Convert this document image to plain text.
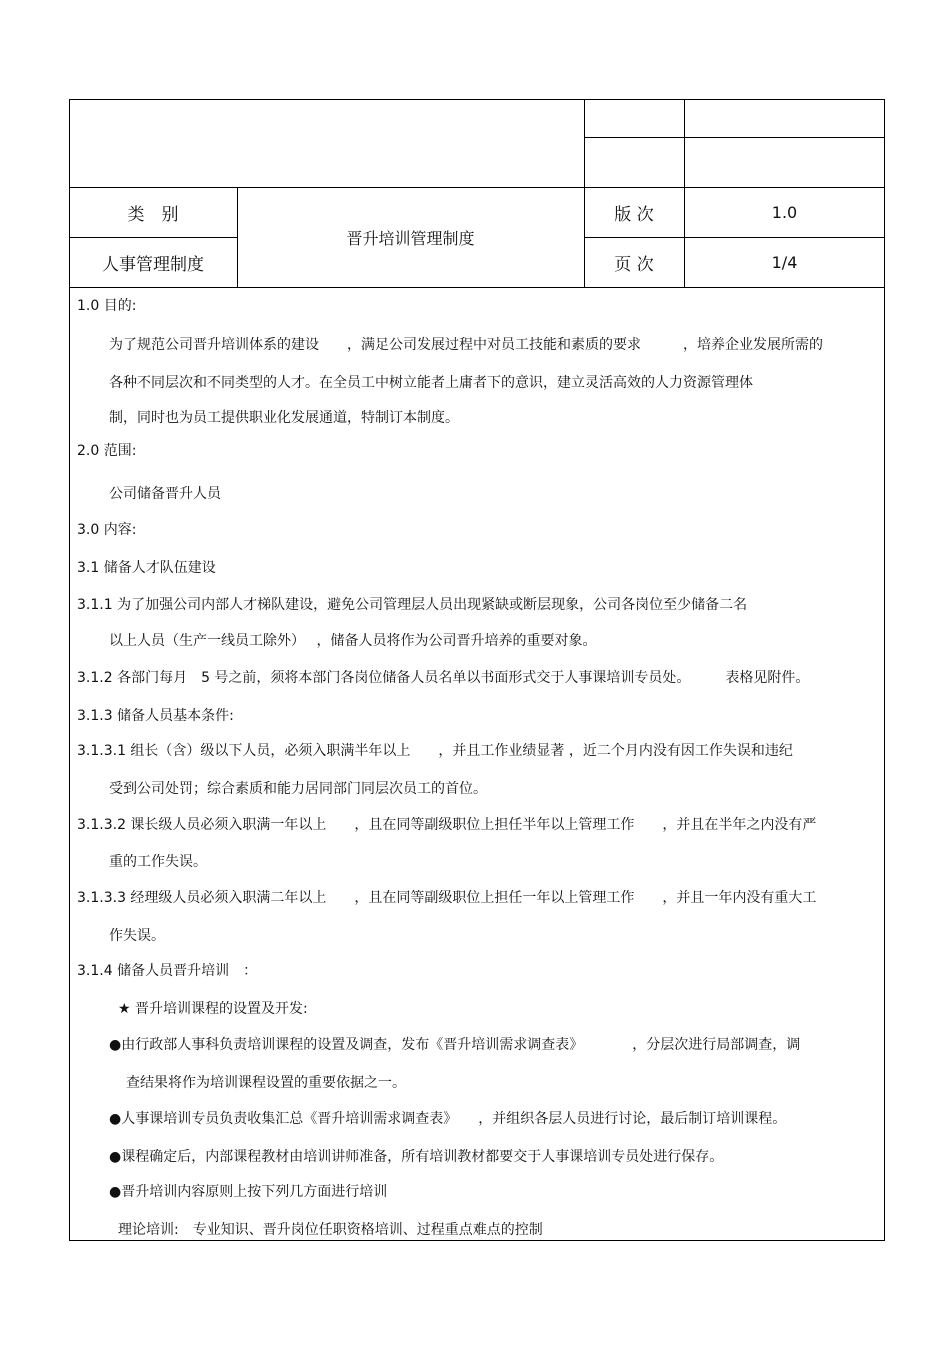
类　别
人事管理制度
晋升培训管理制度
版 次	1.0
页 次	1/4
1.0 目的:
为了规范公司晋升培训体系的建设　　，满足公司发展过程中对员工技能和素质的要求　　　，培养企业发展所需的
各种不同层次和不同类型的人才。在全员工中树立能者上庸者下的意识，建立灵活高效的人力资源管理体
制，同时也为员工提供职业化发展通道，特制订本制度。
2.0 范围:
公司储备晋升人员
3.0 内容:
3.1 储备人才队伍建设
3.1.1 为了加强公司内部人才梯队建设，避免公司管理层人员出现紧缺或断层现象，公司各岗位至少储备二名
以上人员（生产一线员工除外）　 ，储备人员将作为公司晋升培养的重要对象。
3.1.2 各部门每月　5 号之前，须将本部门各岗位储备人员名单以书面形式交于人事课培训专员处。　　　表格见附件。
3.1.3 储备人员基本条件:
3.1.3.1 组长（含）级以下人员，必须入职满半年以上　　，并且工作业绩显著 ，近二个月内没有因工作失误和违纪
受到公司处罚；综合素质和能力居同部门同层次员工的首位。
3.1.3.2 课长级人员必须入职满一年以上　　，且在同等副级职位上担任半年以上管理工作　　，并且在半年之内没有严
重的工作失误。
3.1.3.3 经理级人员必须入职满二年以上　　，且在同等副级职位上担任一年以上管理工作　　，并且一年内没有重大工
作失误。
3.1.4 储备人员晋升培训　：
★ 晋升培训课程的设置及开发:
●由行政部人事科负责培训课程的设置及调查，发布《晋升培训需求调查表》　　　　，分层次进行局部调查，调
查结果将作为培训课程设置的重要依据之一。
●人事课培训专员负责收集汇总《晋升培训需求调查表》　　，并组织各层人员进行讨论，最后制订培训课程。
●课程确定后，内部课程教材由培训讲师准备，所有培训教材都要交于人事课培训专员处进行保存。
●晋升培训内容原则上按下列几方面进行培训
理论培训:　专业知识、晋升岗位任职资格培训、过程重点难点的控制
